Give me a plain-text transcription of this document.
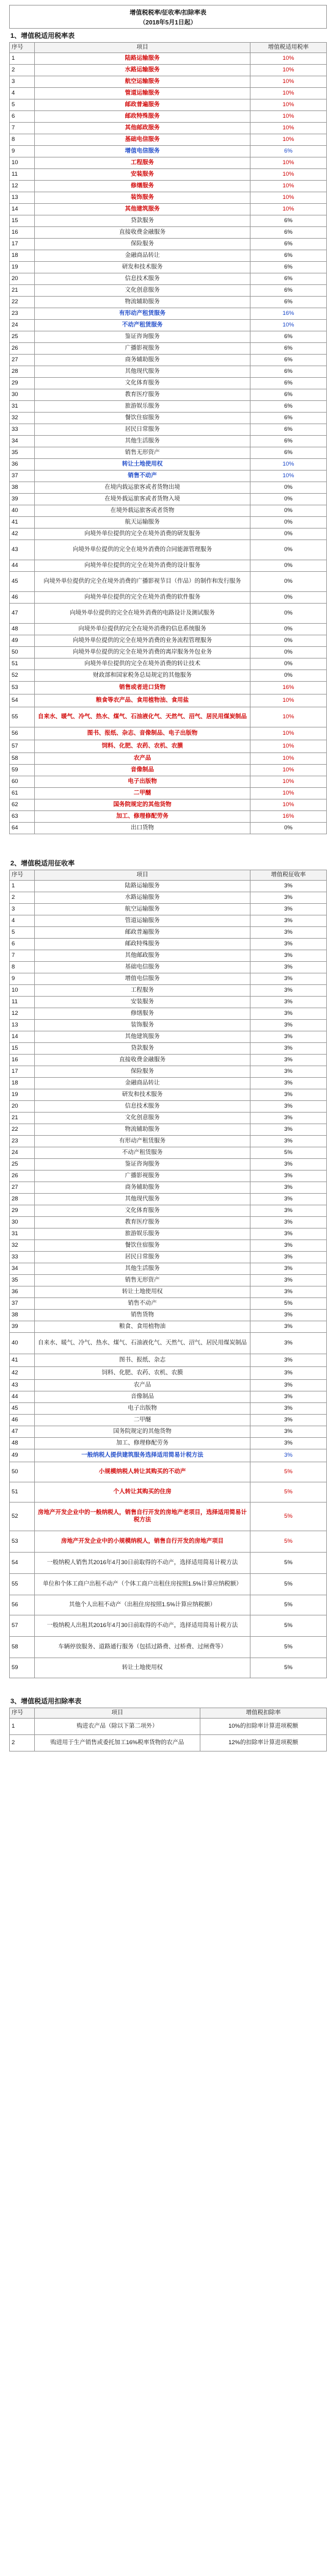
增值税税率/征收率/扣除率表
（2018年5月1日起）
1、增值税适用税率表
序号	项目	增值税适用税率
1	陆路运输服务	10%
2	水路运输服务	10%
3	航空运输服务	10%
4	管道运输服务	10%
5	邮政普遍服务	10%
6	邮政特殊服务	10%
7	其他邮政服务	10%
8	基础电信服务	10%
9	增值电信服务	6%
10	工程服务	10%
11	安装服务	10%
12	修缮服务	10%
13	装饰服务	10%
14	其他建筑服务	10%
15	贷款服务	6%
16	直接收费金融服务	6%
17	保险服务	6%
18	金融商品转让	6%
19	研发和技术服务	6%
20	信息技术服务	6%
21	文化创意服务	6%
22	物流辅助服务	6%
23	有形动产租赁服务	16%
24	不动产租赁服务	10%
25	鉴证咨询服务	6%
26	广播影视服务	6%
27	商务辅助服务	6%
28	其他现代服务	6%
29	文化体育服务	6%
30	教育医疗服务	6%
31	旅游娱乐服务	6%
32	餐饮住宿服务	6%
33	居民日常服务	6%
34	其他生活服务	6%
35	销售无形资产	6%
36	转让土地使用权	10%
37	销售不动产	10%
38	在境内载运旅客或者货物出境	0%
39	在境外载运旅客或者货物入境	0%
40	在境外载运旅客或者货物	0%
41	航天运输服务	0%
42	向境外单位提供的完全在境外消费的研发服务	0%
43	向境外单位提供的完全在境外消费的合同能源管理服务	0%
44	向境外单位提供的完全在境外消费的设计服务	0%
45	向境外单位提供的完全在境外消费的广播影视节目（作品）的制作和发行服务	0%
46	向境外单位提供的完全在境外消费的软件服务	0%
47	向境外单位提供的完全在境外消费的电路设计及测试服务	0%
48	向境外单位提供的完全在境外消费的信息系统服务	0%
49	向境外单位提供的完全在境外消费的业务流程管理服务	0%
50	向境外单位提供的完全在境外消费的离岸服务外包业务	0%
51	向境外单位提供的完全在境外消费的转让技术	0%
52	财政部和国家税务总局规定的其他服务	0%
53	销售或者进口货物	16%
54	粮食等农产品、食用植物油、食用盐	10%
55	自来水、暖气、冷气、热水、煤气、石油液化气、天然气、沼气、居民用煤炭制品	10%
56	图书、报纸、杂志、音像制品、电子出版物	10%
57	饲料、化肥、农药、农机、农膜	10%
58	农产品	10%
59	音像制品	10%
60	电子出版物	10%
61	二甲醚	10%
62	国务院规定的其他货物	10%
63	加工、修理修配劳务	16%
64	出口货物	0%
2、增值税适用征收率
序号	项目	增值税征收率
1	陆路运输服务	3%
2	水路运输服务	3%
3	航空运输服务	3%
4	管道运输服务	3%
5	邮政普遍服务	3%
6	邮政特殊服务	3%
7	其他邮政服务	3%
8	基础电信服务	3%
9	增值电信服务	3%
10	工程服务	3%
11	安装服务	3%
12	修缮服务	3%
13	装饰服务	3%
14	其他建筑服务	3%
15	贷款服务	3%
16	直接收费金融服务	3%
17	保险服务	3%
18	金融商品转让	3%
19	研发和技术服务	3%
20	信息技术服务	3%
21	文化创意服务	3%
22	物流辅助服务	3%
23	有形动产租赁服务	3%
24	不动产租赁服务	5%
25	鉴证咨询服务	3%
26	广播影视服务	3%
27	商务辅助服务	3%
28	其他现代服务	3%
29	文化体育服务	3%
30	教育医疗服务	3%
31	旅游娱乐服务	3%
32	餐饮住宿服务	3%
33	居民日常服务	3%
34	其他生活服务	3%
35	销售无形资产	3%
36	转让土地使用权	3%
37	销售不动产	5%
38	销售货物	3%
39	粮食、食用植物油	3%
40	自来水、暖气、冷气、热水、煤气、石油液化气、天然气、沼气、居民用煤炭制品	3%
41	图书、报纸、杂志	3%
42	饲料、化肥、农药、农机、农膜	3%
43	农产品	3%
44	音像制品	3%
45	电子出版物	3%
46	二甲醚	3%
47	国务院规定的其他货物	3%
48	加工、修理修配劳务	3%
49	一般纳税人提供建筑服务选择适用简易计税方法	3%
50	小规模纳税人转让其购买的不动产	5%
51	个人转让其购买的住房	5%
52	房地产开发企业中的一般纳税人，销售自行开发的房地产老项目，选择适用简易计税方法	5%
53	房地产开发企业中的小规模纳税人，销售自行开发的房地产项目	5%
54	一般纳税人销售其2016年4月30日前取得的不动产，选择适用简易计税方法	5%
55	单位和个体工商户出租不动产（个体工商户出租住房按照1.5%计算应纳税额）	5%
56	其他个人出租不动产（出租住房按照1.5%计算应纳税额）	5%
57	一般纳税人出租其2016年4月30日前取得的不动产，选择适用简易计税方法	5%
58	车辆停放服务、道路通行服务（包括过路费、过桥费、过闸费等）	5%
59	转让土地使用权	5%
3、增值税适用扣除率表
序号	项目	增值税扣除率
1	购进农产品（除以下第二项外）	10%的扣除率计算进项税额
2	购进用于生产销售或委托加工16%税率货物的农产品	12%的扣除率计算进项税额
